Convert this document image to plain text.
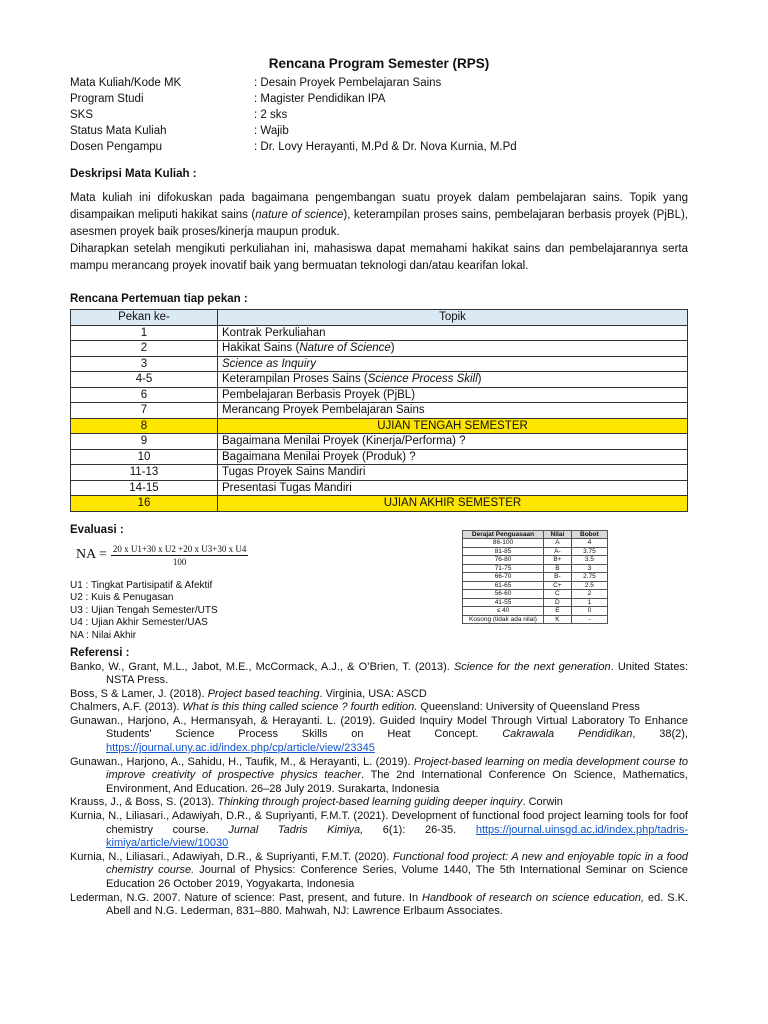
Rencana Program Semester (RPS)
Mata Kuliah/Kode MK	: Desain Proyek Pembelajaran Sains
Program Studi	: Magister Pendidikan IPA
SKS	: 2 sks
Status Mata Kuliah	: Wajib
Dosen Pengampu	: Dr. Lovy Herayanti, M.Pd & Dr. Nova Kurnia, M.Pd
Deskripsi Mata Kuliah :

Mata kuliah ini difokuskan pada bagaimana pengembangan suatu proyek dalam pembelajaran sains. Topik yang disampaikan meliputi hakikat sains (nature of science), keterampilan proses sains, pembelajaran berbasis proyek (PjBL), asesmen proyek baik proses/kinerja maupun produk.

Diharapkan setelah mengikuti perkuliahan ini, mahasiswa dapat memahami hakikat sains dan pembelajarannya serta mampu merancang proyek inovatif baik yang bermuatan teknologi dan/atau kearifan lokal.

Rencana Pertemuan tiap pekan :
Pekan ke-	Topik
1	Kontrak Perkuliahan
2	Hakikat Sains (Nature of Science)
3	Science as Inquiry
4-5	Keterampilan Proses Sains (Science Process Skill)
6	Pembelajaran Berbasis Proyek (PjBL)
7	Merancang Proyek Pembelajaran Sains
8	UJIAN TENGAH SEMESTER
9	Bagaimana Menilai Proyek (Kinerja/Performa) ?
10	Bagaimana Menilai Proyek (Produk) ?
11-13	Tugas Proyek Sains Mandiri
14-15	Presentasi Tugas Mandiri
16	UJIAN AKHIR SEMESTER
Evaluasi :
NA = $\frac{\text{20 x U1+30 x U2 +20 x U3+30 x U4}}{100}$
U1 : Tingkat Partisipatif & Afektif
U2 : Kuis & Penugasan
U3 : Ujian Tengah Semester/UTS
U4 : Ujian Akhir Semester/UAS
NA : Nilai Akhir
Derajat Penguasaan	Nilai	Bobot
86-100	A	4
81-85	A-	3.75
76-80	B+	3.5
71-75	B	3
66-70	B-	2.75
61-65	C+	2.5
56-60	C	2
41-55	D	1
≤ 40	E	0
Kosong (tidak ada nilai)	K	-
Referensi :
Banko, W., Grant, M.L., Jabot, M.E., McCormack, A.J., & O’Brien, T. (2013). Science for the next generation. United States: NSTA Press.
Boss, S & Lamer, J. (2018). Project based teaching. Virginia, USA: ASCD
Chalmers, A.F. (2013). What is this thing called science ? fourth edition. Queensland: University of Queensland Press
Gunawan., Harjono, A., Hermansyah, & Herayanti. L. (2019). Guided Inquiry Model Through Virtual Laboratory To Enhance Students' Science Process Skills on Heat Concept. Cakrawala Pendidikan, 38(2), https://journal.uny.ac.id/index.php/cp/article/view/23345
Gunawan., Harjono, A., Sahidu, H., Taufik, M., & Herayanti, L. (2019). Project-based learning on media development course to improve creativity of prospective physics teacher. The 2nd International Conference On Science, Mathematics, Environment, And Education. 26–28 July 2019. Surakarta, Indonesia
Krauss, J., & Boss, S. (2013). Thinking through project-based learning guiding deeper inquiry. Corwin
Kurnia, N., Liliasari., Adawiyah, D.R., & Supriyanti, F.M.T. (2021). Development of functional food project learning tools for foof chemistry course. Jurnal Tadris Kimiya, 6(1): 26-35. https://journal.uinsgd.ac.id/index.php/tadris-kimiya/article/view/10030
Kurnia, N., Liliasari., Adawiyah, D.R., & Supriyanti, F.M.T. (2020). Functional food project: A new and enjoyable topic in a food chemistry course. Journal of Physics: Conference Series, Volume 1440, The 5th International Seminar on Science Education 26 October 2019, Yogyakarta, Indonesia
Lederman, N.G. 2007. Nature of science: Past, present, and future. In Handbook of research on science education, ed. S.K. Abell and N.G. Lederman, 831–880. Mahwah, NJ: Lawrence Erlbaum Associates.
